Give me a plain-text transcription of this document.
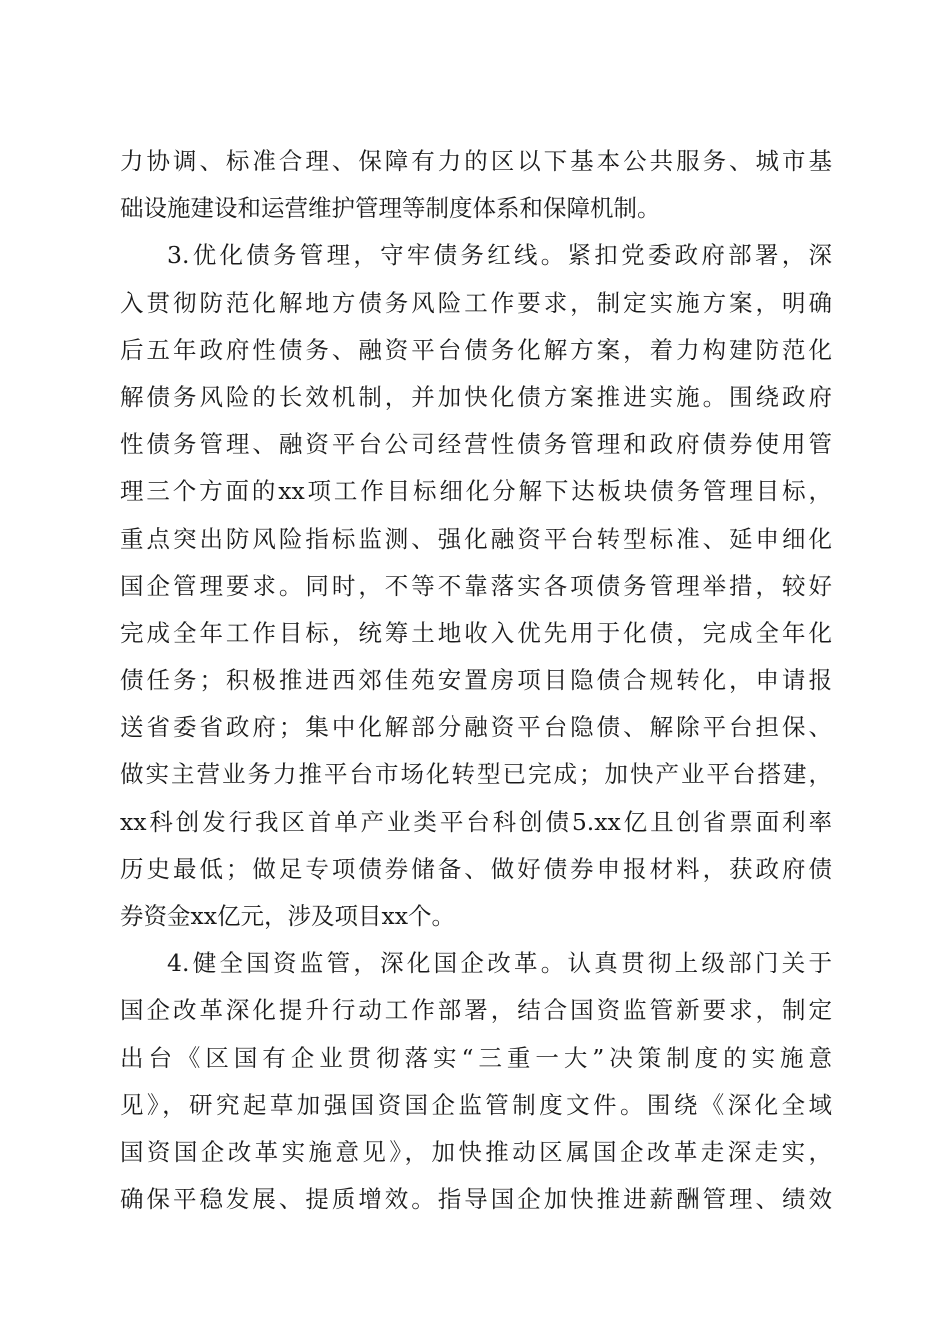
力协调、标准合理、保障有力的区以下基本公共服务、城市基
础设施建设和运营维护管理等制度体系和保障机制。
3.优化债务管理，守牢债务红线。紧扣党委政府部署，深
入贯彻防范化解地方债务风险工作要求，制定实施方案，明确
后五年政府性债务、融资平台债务化解方案，着力构建防范化
解债务风险的长效机制，并加快化债方案推进实施。围绕政府
性债务管理、融资平台公司经营性债务管理和政府债券使用管
理三个方面的xx项工作目标细化分解下达板块债务管理目标，
重点突出防风险指标监测、强化融资平台转型标准、延申细化
国企管理要求。同时，不等不靠落实各项债务管理举措，较好
完成全年工作目标，统筹土地收入优先用于化债，完成全年化
债任务；积极推进西郊佳苑安置房项目隐债合规转化，申请报
送省委省政府；集中化解部分融资平台隐债、解除平台担保、
做实主营业务力推平台市场化转型已完成；加快产业平台搭建，
xx科创发行我区首单产业类平台科创债5.xx亿且创省票面利率
历史最低；做足专项债券储备、做好债券申报材料，获政府债
券资金xx亿元，涉及项目xx个。
4.健全国资监管，深化国企改革。认真贯彻上级部门关于
国企改革深化提升行动工作部署，结合国资监管新要求，制定
出台《区国有企业贯彻落实“三重一大”决策制度的实施意
见》，研究起草加强国资国企监管制度文件。围绕《深化全域
国资国企改革实施意见》，加快推动区属国企改革走深走实，
确保平稳发展、提质增效。指导国企加快推进薪酬管理、绩效
